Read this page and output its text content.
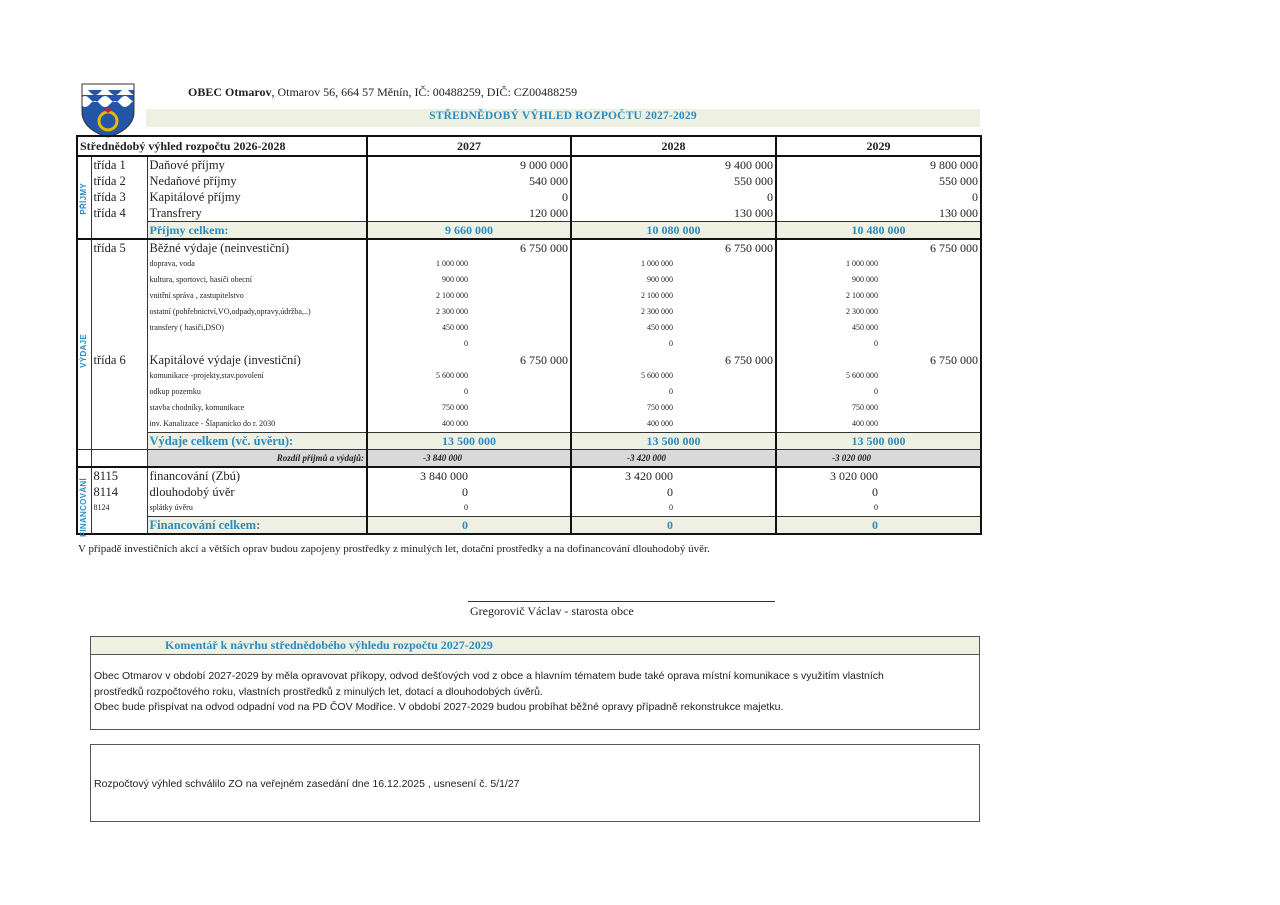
OBEC Otmarov, Otmarov 56, 664 57 Měnín, IČ: 00488259, DIČ: CZ00488259
STŘEDNĚDOBÝ VÝHLED ROZPOČTU 2027-2029
Střednědobý výhled rozpočtu 2026-2028			2027	2028	2029
	třída 1	Daňové příjmy	9 000 000	9 400 000	9 800 000
	třída 2	Nedaňové příjmy	540 000	550 000	550 000
	třída 3	Kapitálové příjmy	0	0	0
	třída 4	Transfrery	120 000	130 000	130 000
		Příjmy celkem:	9 660 000	10 080 000	10 480 000
	třída 5	Běžné výdaje (neinvestiční)	6 750 000	6 750 000	6 750 000
		doprava, voda	1 000 000	1 000 000	1 000 000
		kultura, sportovci, hasiči obecní	900 000	900 000	900 000
		vnitřní správa , zastupitelstvo	2 100 000	2 100 000	2 100 000
		ostatní (pohřebnictví,VO,odpady,opravy,údržba,..)	2 300 000	2 300 000	2 300 000
		transfery ( hasiči,DSO)	450 000	450 000	450 000
			0	0	0
	třída 6	Kapitálové výdaje (investiční)	6 750 000	6 750 000	6 750 000
		komunikace -projekty,stav.povolení	5 600 000	5 600 000	5 600 000
		odkup pozemku	0	0	0
		stavba chodníky, komunikace	750 000	750 000	750 000
		inv. Kanalizace - Šlapanicko do r. 2030	400 000	400 000	400 000
		Výdaje celkem (vč. úvěru):	13 500 000	13 500 000	13 500 000
		Rozdíl příjmů a výdajů:	-3 840 000	-3 420 000	-3 020 000
	8115	financování (Zbú)	3 840 000	3 420 000	3 020 000
	8114	dlouhodobý úvěr	0	0	0
	8124	splátky úvěru	0	0	0
		Financování celkem:	0	0	0
PŘÍJMY
VÝDAJE
FINANCOVÁNÍ
V případě investičních akcí a větších oprav budou zapojeny prostředky z minulých let, dotační prostředky a na dofinancování dlouhodobý úvěr.
Gregorovič Václav - starosta obce
Komentář k návrhu střednědobého výhledu rozpočtu 2027-2029
Obec Otmarov v období 2027-2029 by měla opravovat příkopy, odvod dešťových vod z obce a hlavním tématem bude také oprava místní komunikace s využitím vlastních
prostředků rozpočtového roku, vlastních prostředků z minulých let, dotací a dlouhodobých úvěrů.
Obec bude přispívat na odvod odpadní vod na PD ČOV Modřice. V období 2027-2029 budou probíhat běžné opravy případně rekonstrukce majetku.
Rozpočtový výhled schválilo ZO na veřejném zasedání dne 16.12.2025 , usnesení č. 5/1/27
